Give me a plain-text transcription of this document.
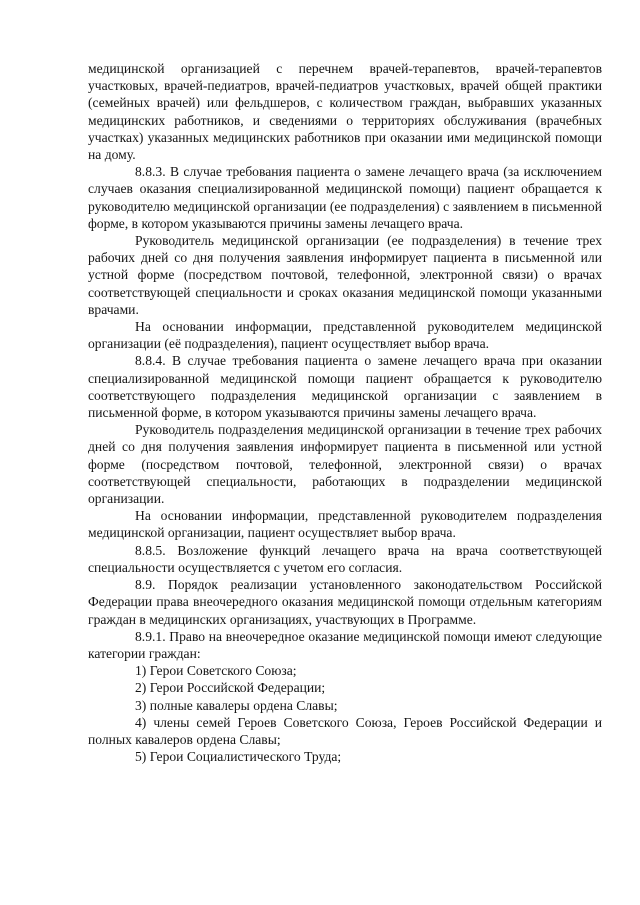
медицинской организацией с перечнем врачей-терапевтов, врачей-терапевтов участковых, врачей-педиатров, врачей-педиатров участковых, врачей общей практики (семейных врачей) или фельдшеров, с количеством граждан, выбравших указанных медицинских работников, и сведениями о территориях обслуживания (врачебных участках) указанных медицинских работников при оказании ими медицинской помощи на дому.

8.8.3. В случае требования пациента о замене лечащего врача (за исключением случаев оказания специализированной медицинской помощи) пациент обращается к руководителю медицинской организации (ее подразделения) с заявлением в письменной форме, в котором указываются причины замены лечащего врача.

Руководитель медицинской организации (ее подразделения) в течение трех рабочих дней со дня получения заявления информирует пациента в письменной или устной форме (посредством почтовой, телефонной, электронной связи) о врачах соответствующей специальности и сроках оказания медицинской помощи указанными врачами.

На основании информации, представленной руководителем медицинской организации (её подразделения), пациент осуществляет выбор врача.

8.8.4. В случае требования пациента о замене лечащего врача при оказании специализированной медицинской помощи пациент обращается к руководителю соответствующего подразделения медицинской организации с заявлением в письменной форме, в котором указываются причины замены лечащего врача.

Руководитель подразделения медицинской организации в течение трех рабочих дней со дня получения заявления информирует пациента в письменной или устной форме (посредством почтовой, телефонной, электронной связи) о врачах соответствующей специальности, работающих в подразделении медицинской организации.

На основании информации, представленной руководителем подразделения медицинской организации, пациент осуществляет выбор врача.

8.8.5. Возложение функций лечащего врача на врача соответствующей специальности осуществляется с учетом его согласия.

8.9. Порядок реализации установленного законодательством Российской Федерации права внеочередного оказания медицинской помощи отдельным категориям граждан в медицинских организациях, участвующих в Программе.

8.9.1. Право на внеочередное оказание медицинской помощи имеют следующие категории граждан:

1) Герои Советского Союза;

2) Герои Российской Федерации;

3) полные кавалеры ордена Славы;

4) члены семей Героев Советского Союза, Героев Российской Федерации и полных кавалеров ордена Славы;

5) Герои Социалистического Труда;
